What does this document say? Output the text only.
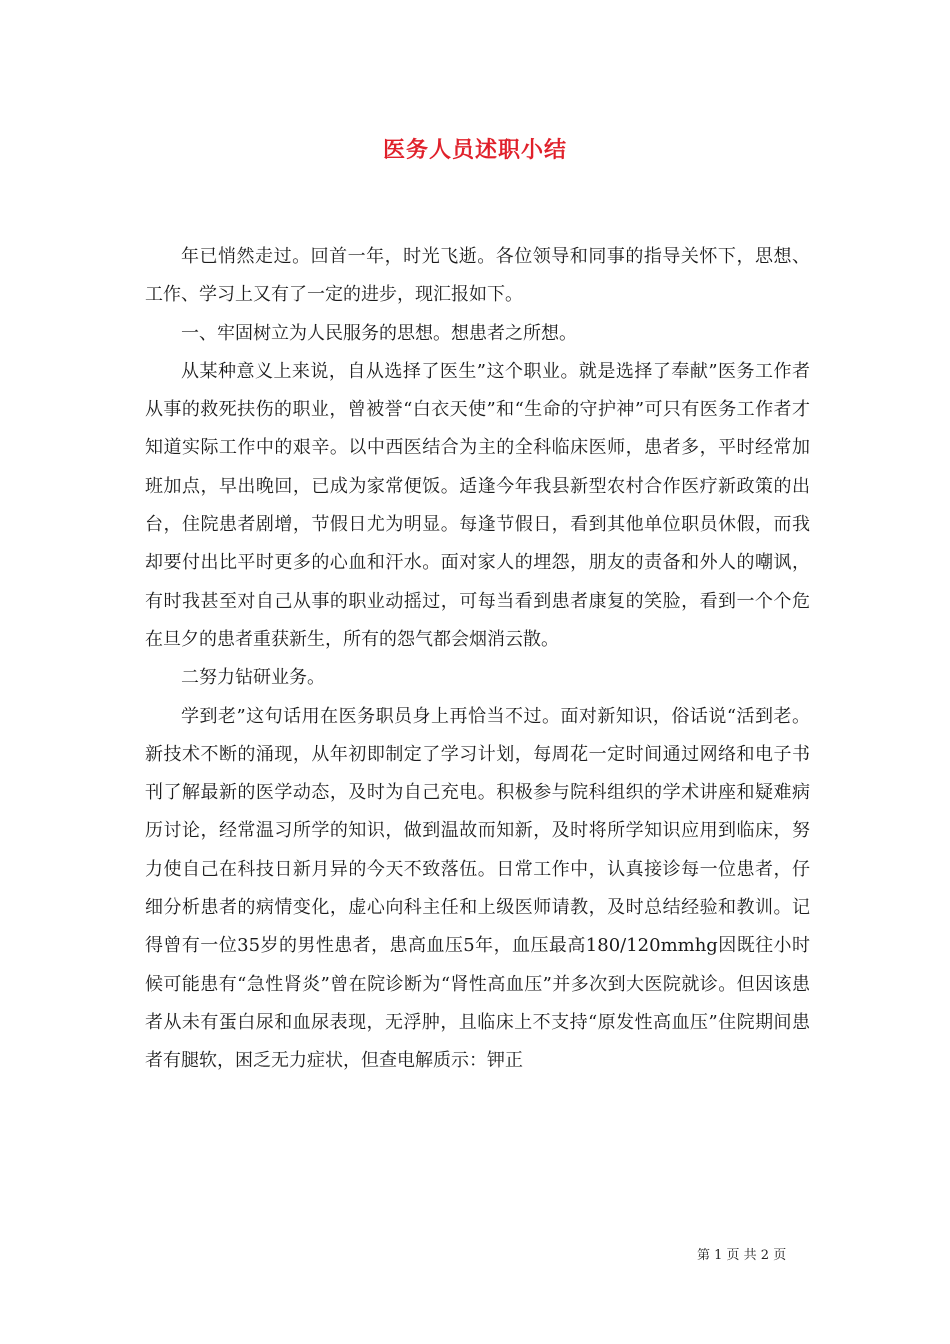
医务人员述职小结

年已悄然走过。回首一年，时光飞逝。各位领导和同事的指导关怀下，思想、工作、学习上又有了一定的进步，现汇报如下。

一、牢固树立为人民服务的思想。想患者之所想。

从某种意义上来说，自从选择了医生”这个职业。就是选择了奉献”医务工作者从事的救死扶伤的职业，曾被誉“白衣天使”和“生命的守护神”可只有医务工作者才知道实际工作中的艰辛。以中西医结合为主的全科临床医师，患者多，平时经常加班加点，早出晚回，已成为家常便饭。适逢今年我县新型农村合作医疗新政策的出台，住院患者剧增，节假日尤为明显。每逢节假日，看到其他单位职员休假，而我却要付出比平时更多的心血和汗水。面对家人的埋怨，朋友的责备和外人的嘲讽，有时我甚至对自己从事的职业动摇过，可每当看到患者康复的笑脸，看到一个个危在旦夕的患者重获新生，所有的怨气都会烟消云散。

二努力钻研业务。

学到老”这句话用在医务职员身上再恰当不过。面对新知识，俗话说“活到老。新技术不断的涌现，从年初即制定了学习计划，每周花一定时间通过网络和电子书刊了解最新的医学动态，及时为自己充电。积极参与院科组织的学术讲座和疑难病历讨论，经常温习所学的知识，做到温故而知新，及时将所学知识应用到临床，努力使自己在科技日新月异的今天不致落伍。日常工作中，认真接诊每一位患者，仔细分析患者的病情变化，虚心向科主任和上级医师请教，及时总结经验和教训。记得曾有一位35岁的男性患者，患高血压5年，血压最高180/120mmhg因既往小时候可能患有“急性肾炎”曾在院诊断为“肾性高血压”并多次到大医院就诊。但因该患者从未有蛋白尿和血尿表现，无浮肿，且临床上不支持“原发性高血压”住院期间患者有腿软，困乏无力症状，但查电解质示：钾正

第 1 页 共 2 页
